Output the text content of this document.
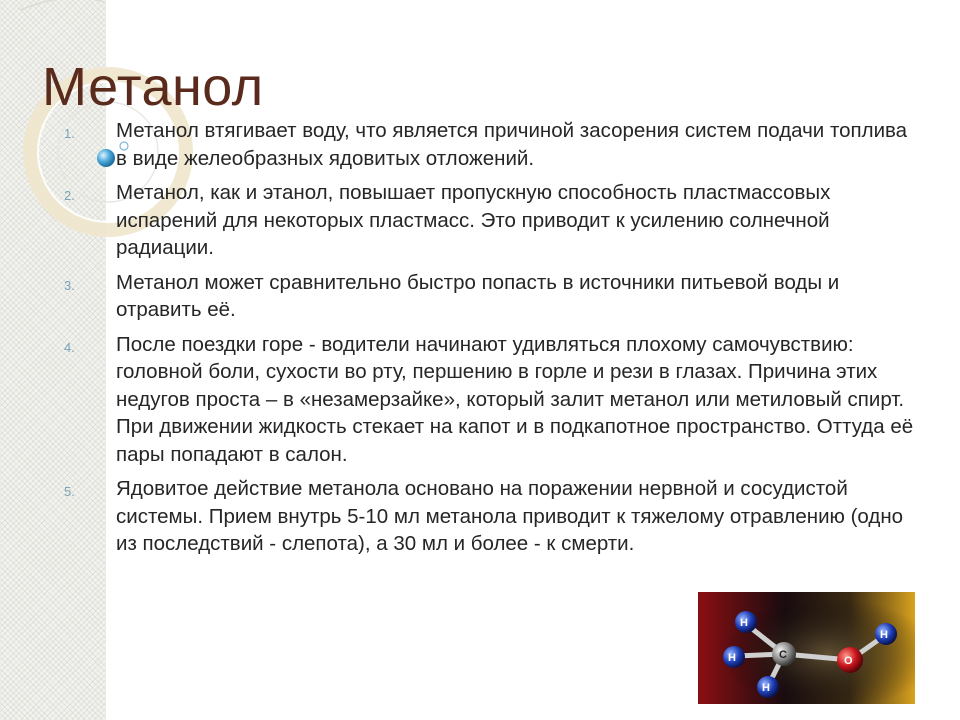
Метанол
1. Метанол втягивает воду, что является причиной засорения систем подачи топлива в виде желеобразных ядовитых отложений.
2. Метанол, как и этанол, повышает пропускную способность пластмассовых испарений для некоторых пластмасс. Это приводит к усилению солнечной радиации.
3. Метанол может сравнительно быстро попасть в источники питьевой воды и отравить её.
4. После поездки горе - водители начинают удивляться плохому самочувствию: головной боли, сухости во рту, першению в горле и рези в глазах. Причина этих недугов проста – в «незамерзайке», который залит метанол или метиловый спирт. При движении жидкость стекает на капот и в подкапотное пространство. Оттуда её пары попадают в салон.
5. Ядовитое действие метанола основано на поражении нервной и сосудистой системы. Прием внутрь 5-10 мл метанола приводит к тяжелому отравлению (одно из последствий - слепота), а 30 мл и более - к смерти.
H
H
H
C	O
H
